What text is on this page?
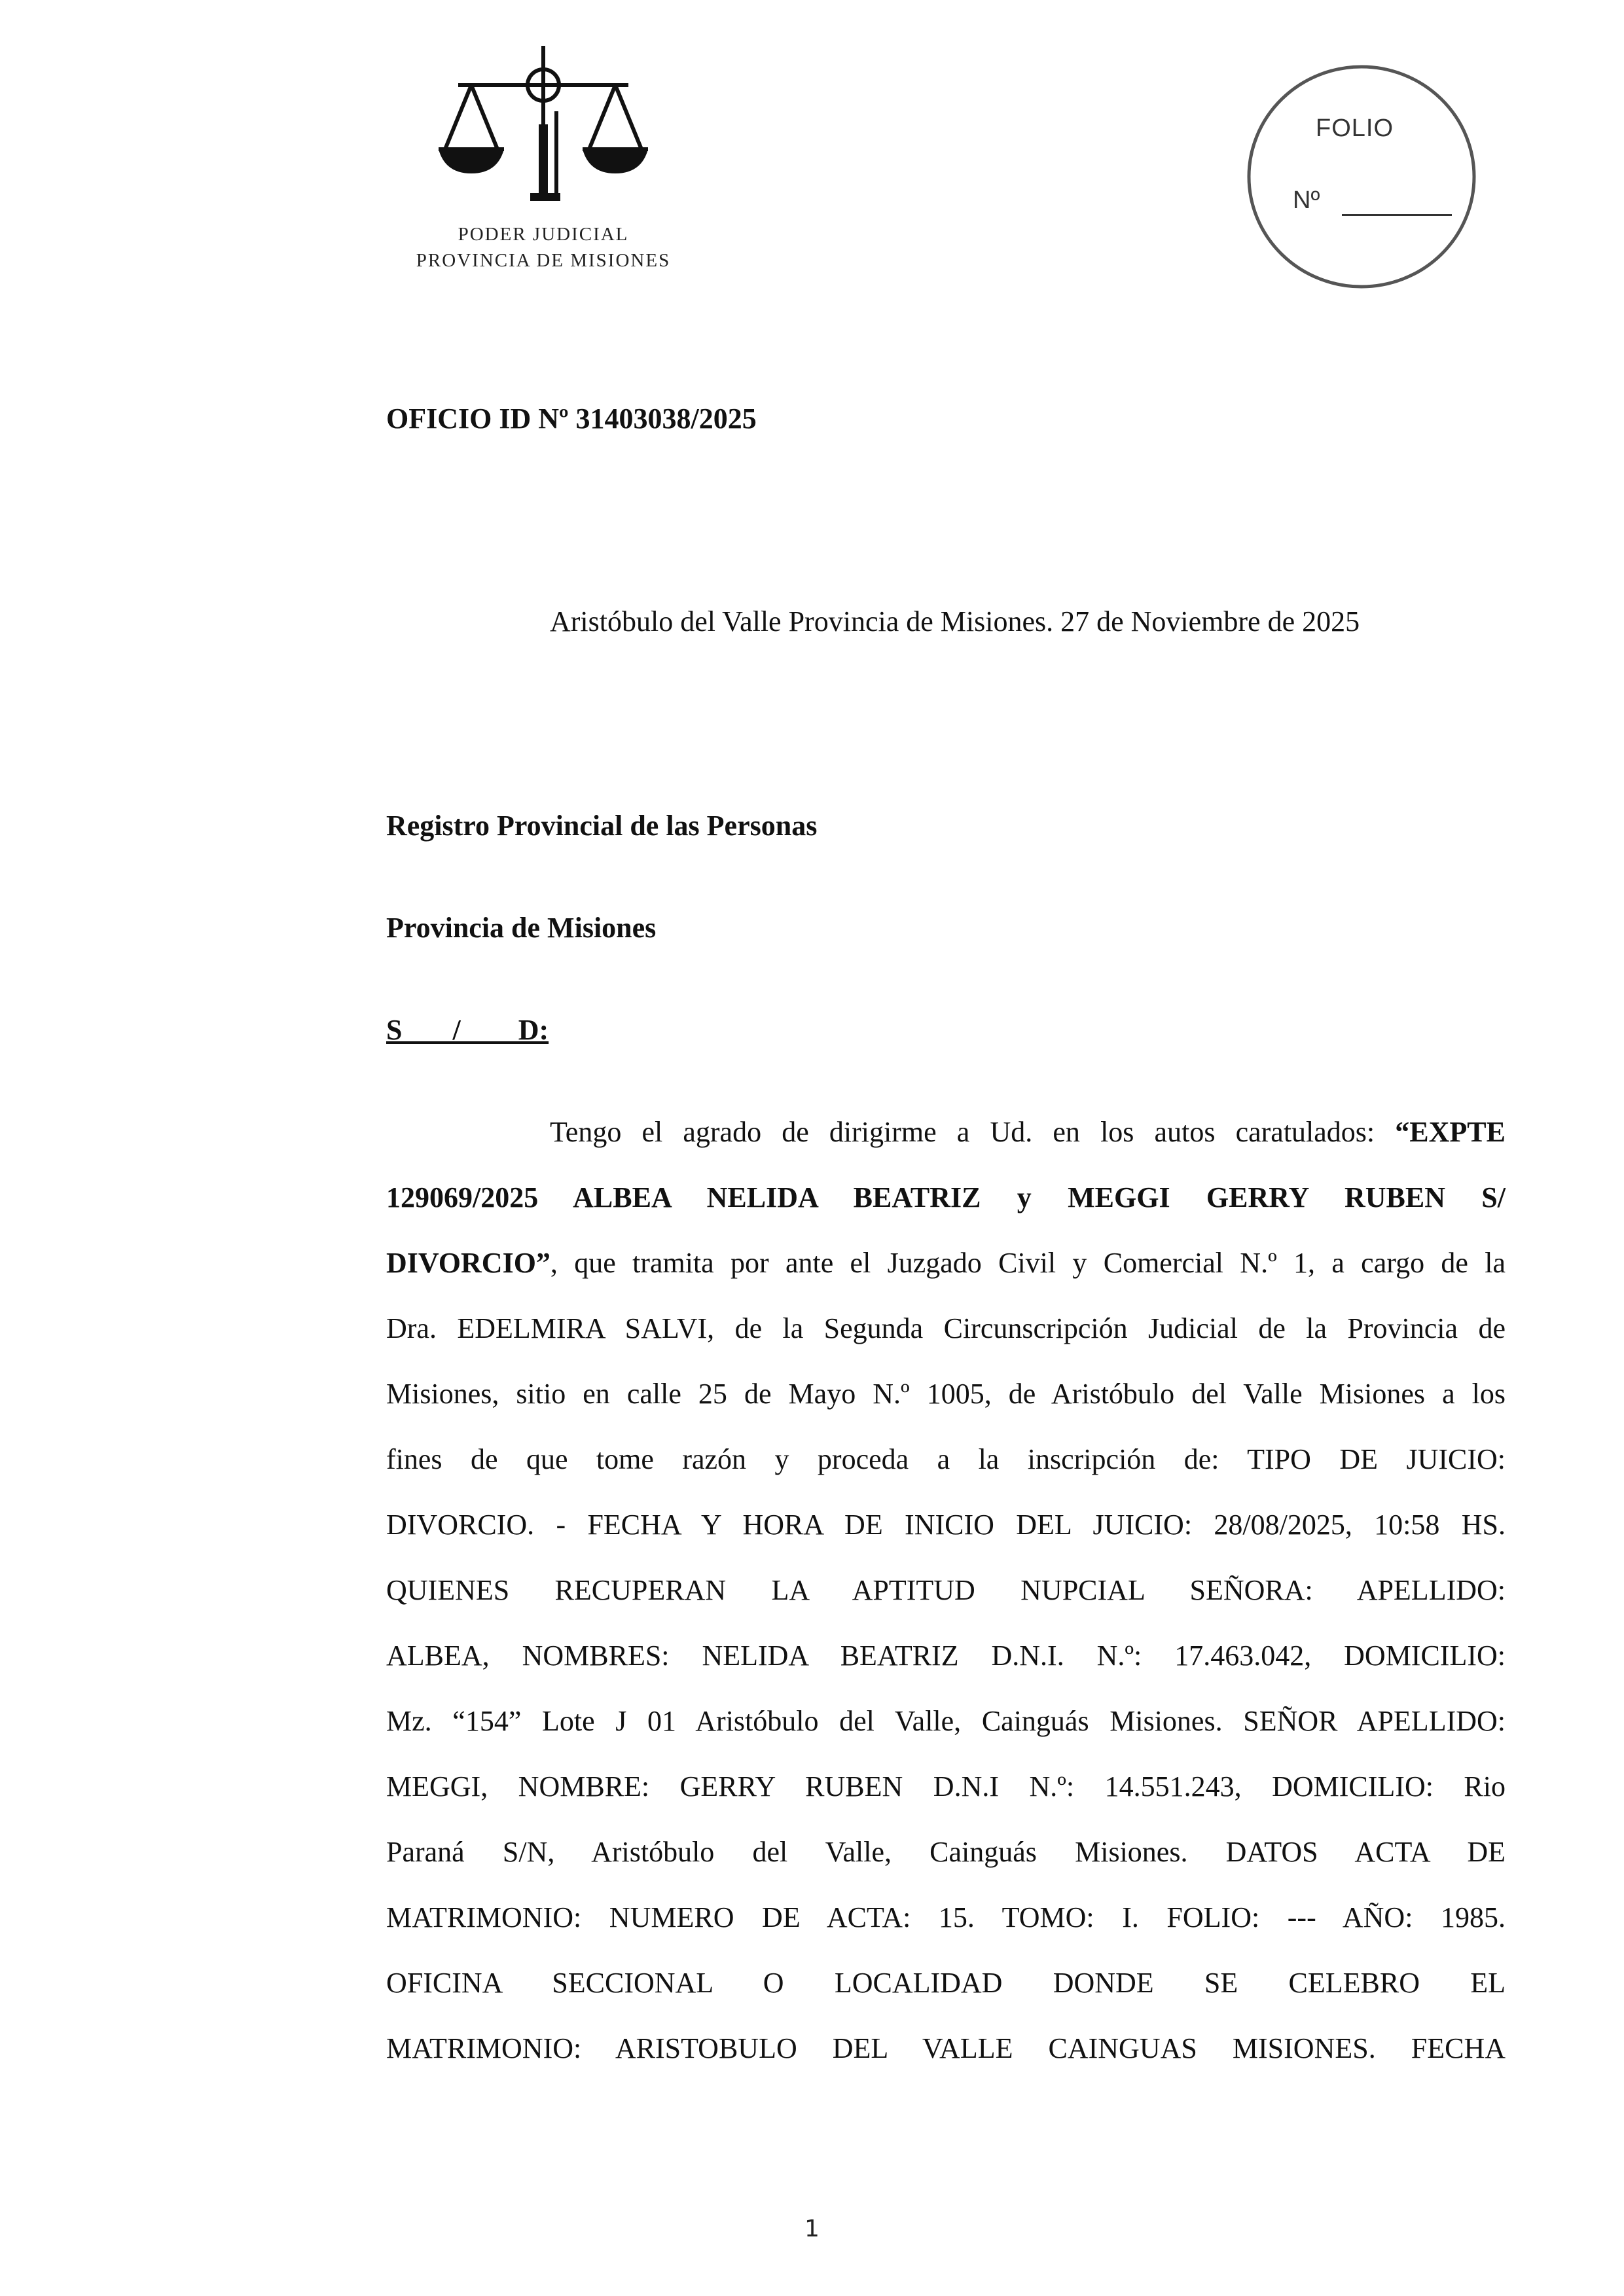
PODER JUDICIAL
PROVINCIA DE MISIONES
FOLIO
Nº
OFICIO ID Nº 31403038/2025
Aristóbulo del Valle Provincia de Misiones. 27 de Noviembre de 2025
Registro Provincial de las Personas
Provincia de Misiones
S       /        D:
Tengo el agrado de dirigirme a Ud. en los autos caratulados: “EXPTE
129069/2025 ALBEA NELIDA BEATRIZ y MEGGI GERRY RUBEN S/
DIVORCIO”, que tramita por ante el Juzgado Civil y Comercial N.º 1, a cargo de la
Dra. EDELMIRA SALVI, de la Segunda Circunscripción Judicial de la Provincia de
Misiones, sitio en calle 25 de Mayo N.º 1005, de Aristóbulo del Valle Misiones a los
fines de que tome razón y proceda a la inscripción de: TIPO DE JUICIO:
DIVORCIO. - FECHA Y HORA DE INICIO DEL JUICIO: 28/08/2025, 10:58 HS.
QUIENES RECUPERAN LA APTITUD NUPCIAL SEÑORA: APELLIDO:
ALBEA, NOMBRES: NELIDA BEATRIZ D.N.I. N.º: 17.463.042, DOMICILIO:
Mz. “154” Lote J 01 Aristóbulo del Valle, Cainguás Misiones. SEÑOR APELLIDO:
MEGGI, NOMBRE: GERRY RUBEN D.N.I N.º: 14.551.243, DOMICILIO: Rio
Paraná S/N, Aristóbulo del Valle, Cainguás Misiones. DATOS ACTA DE
MATRIMONIO: NUMERO DE ACTA: 15. TOMO: I. FOLIO: --- AÑO: 1985.
OFICINA SECCIONAL O LOCALIDAD DONDE SE CELEBRO EL
MATRIMONIO: ARISTOBULO DEL VALLE CAINGUAS MISIONES. FECHA
1
